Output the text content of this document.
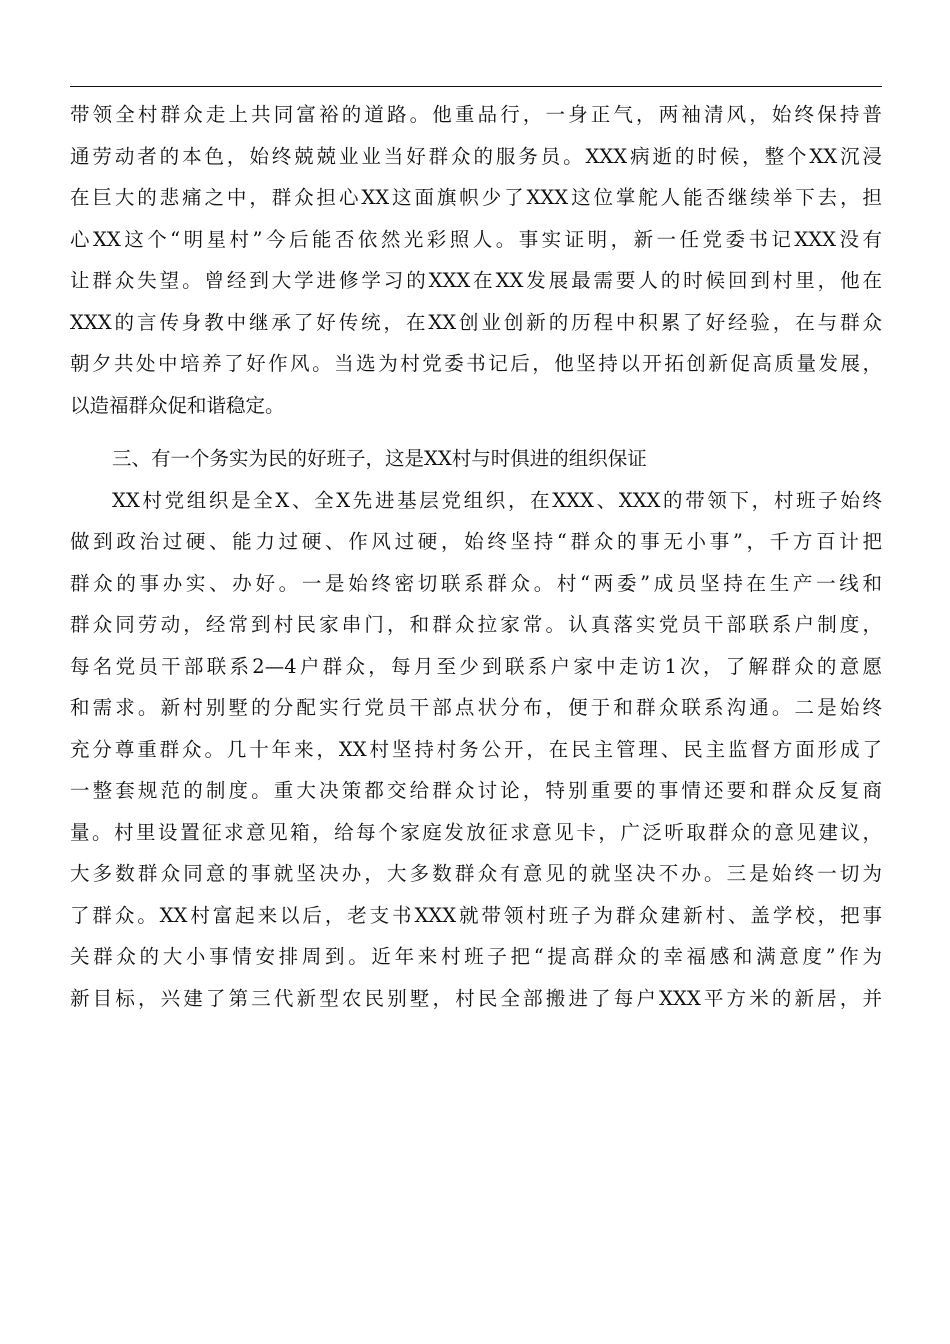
带领全村群众走上共同富裕的道路。他重品行，一身正气，两袖清风，始终保持普
通劳动者的本色，始终兢兢业业当好群众的服务员。XXX病逝的时候，整个XX沉浸
在巨大的悲痛之中，群众担心XX这面旗帜少了XXX这位掌舵人能否继续举下去，担
心XX这个“明星村”今后能否依然光彩照人。事实证明，新一任党委书记XXX没有
让群众失望。曾经到大学进修学习的XXX在XX发展最需要人的时候回到村里，他在
XXX的言传身教中继承了好传统，在XX创业创新的历程中积累了好经验，在与群众
朝夕共处中培养了好作风。当选为村党委书记后，他坚持以开拓创新促高质量发展，
以造福群众促和谐稳定。
三、有一个务实为民的好班子，这是XX村与时俱进的组织保证
XX村党组织是全X、全X先进基层党组织，在XXX、XXX的带领下，村班子始终
做到政治过硬、能力过硬、作风过硬，始终坚持“群众的事无小事”，千方百计把
群众的事办实、办好。一是始终密切联系群众。村“两委”成员坚持在生产一线和
群众同劳动，经常到村民家串门，和群众拉家常。认真落实党员干部联系户制度，
每名党员干部联系2—4户群众，每月至少到联系户家中走访1次，了解群众的意愿
和需求。新村别墅的分配实行党员干部点状分布，便于和群众联系沟通。二是始终
充分尊重群众。几十年来，XX村坚持村务公开，在民主管理、民主监督方面形成了
一整套规范的制度。重大决策都交给群众讨论，特别重要的事情还要和群众反复商
量。村里设置征求意见箱，给每个家庭发放征求意见卡，广泛听取群众的意见建议，
大多数群众同意的事就坚决办，大多数群众有意见的就坚决不办。三是始终一切为
了群众。XX村富起来以后，老支书XXX就带领村班子为群众建新村、盖学校，把事
关群众的大小事情安排周到。近年来村班子把“提高群众的幸福感和满意度”作为
新目标，兴建了第三代新型农民别墅，村民全部搬进了每户XXX平方米的新居，并
